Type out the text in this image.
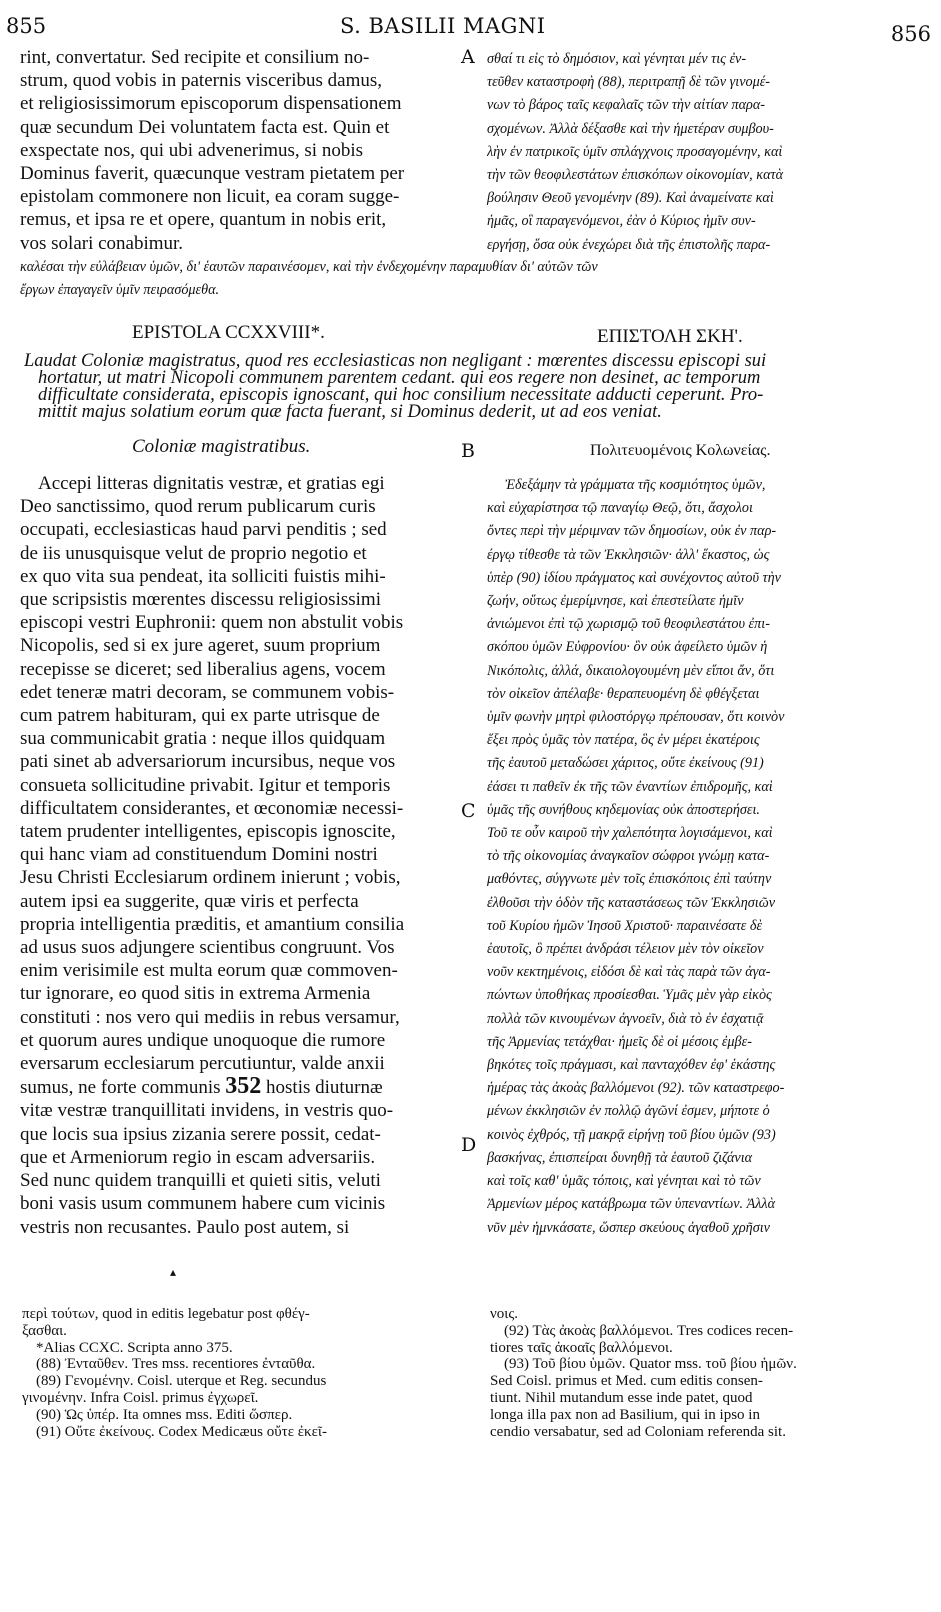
855	S. BASILII MAGNI	856
rint, convertatur. Sed recipite et consilium no-
strum, quod vobis in paternis visceribus damus,
et religiosissimorum episcoporum dispensationem
quæ secundum Dei voluntatem facta est. Quin et
exspectate nos, qui ubi advenerimus, si nobis
Dominus faverit, quæcunque vestram pietatem per
epistolam commonere non licuit, ea coram sugge-
remus, et ipsa re et opere, quantum in nobis erit,
vos solari conabimur.
A σθαί τι εἰς τὸ δημόσιον, καὶ γένηται μέν τις ἐν-
τεῦθεν καταστροφὴ (88), περιτραπῇ δὲ τῶν γινομέ-
νων τὸ βάρος ταῖς κεφαλαῖς τῶν τὴν αἰτίαν παρα-
σχομένων. Ἀλλὰ δέξασθε καὶ τὴν ἡμετέραν συμβου-
λὴν ἐν πατρικοῖς ὑμῖν σπλάγχνοις προσαγομένην, καὶ
τὴν τῶν θεοφιλεστάτων ἐπισκόπων οἰκονομίαν, κατὰ
βούλησιν Θεοῦ γενομένην (89). Καὶ ἀναμείνατε καὶ
ἡμᾶς, οἳ παραγενόμενοι, ἐὰν ὁ Κύριος ἡμῖν συν-
εργήσῃ, ὅσα οὐκ ἐνεχώρει διὰ τῆς ἐπιστολῆς παρα-
καλέσαι τὴν εὐλάβειαν ὑμῶν, δι' ἑαυτῶν παραινέσομεν, καὶ τὴν ἐνδεχομένην παραμυθίαν δι' αὐτῶν τῶν
ἔργων ἐπαγαγεῖν ὑμῖν πειρασόμεθα.
EPISTOLA CCXXVIII*.	ΕΠΙΣΤΟΛΗ ΣΚΗ'.
Laudat Coloniæ magistratus, quod res ecclesiasticas non negligant : mœrentes discessu episcopi sui
hortatur, ut matri Nicopoli communem parentem cedant. qui eos regere non desinet, ac temporum
difficultate considerata, episcopis ignoscant, qui hoc consilium necessitate adducti ceperunt. Pro-
mittit majus solatium eorum quæ facta fuerant, si Dominus dederit, ut ad eos veniat.
Coloniæ magistratibus.	B	Πολιτευομένοις Κολωνείας.
Accepi litteras dignitatis vestræ, et gratias egi
Deo sanctissimo, quod rerum publicarum curis
occupati, ecclesiasticas haud parvi penditis ; sed
de iis unusquisque velut de proprio negotio et
ex quo vita sua pendeat, ita solliciti fuistis mihi-
que scripsistis mœrentes discessu religiosissimi
episcopi vestri Euphronii: quem non abstulit vobis
Nicopolis, sed si ex jure ageret, suum proprium
recepisse se diceret; sed liberalius agens, vocem
edet teneræ matri decoram, se communem vobis-
cum patrem habituram, qui ex parte utrisque de
sua communicabit gratia : neque illos quidquam
pati sinet ab adversariorum incursibus, neque vos
consueta sollicitudine privabit. Igitur et temporis
difficultatem considerantes, et œconomiæ necessi-
tatem prudenter intelligentes, episcopis ignoscite,
qui hanc viam ad constituendum Domini nostri
Jesu Christi Ecclesiarum ordinem inierunt ; vobis,
autem ipsi ea suggerite, quæ viris et perfecta
propria intelligentia præditis, et amantium consilia
ad usus suos adjungere scientibus congruunt. Vos
enim verisimile est multa eorum quæ commoven-
tur ignorare, eo quod sitis in extrema Armenia
constituti : nos vero qui mediis in rebus versamur,
et quorum aures undique unoquoque die rumore
eversarum ecclesiarum percutiuntur, valde anxii
sumus, ne forte communis 352 hostis diuturnæ
vitæ vestræ tranquillitati invidens, in vestris quo-
que locis sua ipsius zizania serere possit, cedat-
que et Armeniorum regio in escam adversariis.
Sed nunc quidem tranquilli et quieti sitis, veluti
boni vasis usum communem habere cum vicinis
vestris non recusantes. Paulo post autem, si
C
D
Ἐδεξάμην τὰ γράμματα τῆς κοσμιότητος ὑμῶν,
καὶ εὐχαρίστησα τῷ παναγίῳ Θεῷ, ὅτι, ἄσχολοι
ὄντες περὶ τὴν μέριμναν τῶν δημοσίων, οὐκ ἐν παρ-
έργῳ τίθεσθε τὰ τῶν Ἐκκλησιῶν· ἀλλ' ἕκαστος, ὡς
ὑπὲρ (90) ἰδίου πράγματος καὶ συνέχοντος αὐτοῦ τὴν
ζωήν, οὕτως ἐμερίμνησε, καὶ ἐπεστείλατε ἡμῖν
ἀνιώμενοι ἐπὶ τῷ χωρισμῷ τοῦ θεοφιλεστάτου ἐπι-
σκόπου ὑμῶν Εὐφρονίου· ὃν οὐκ ἀφείλετο ὑμῶν ἡ
Νικόπολις, ἀλλά, δικαιολογουμένη μὲν εἴποι ἄν, ὅτι
τὸν οἰκεῖον ἀπέλαβε· θεραπευομένη δὲ φθέγξεται
ὑμῖν φωνὴν μητρὶ φιλοστόργῳ πρέπουσαν, ὅτι κοινὸν
ἕξει πρὸς ὑμᾶς τὸν πατέρα, ὃς ἐν μέρει ἑκατέροις
τῆς ἑαυτοῦ μεταδώσει χάριτος, οὔτε ἐκείνους (91)
ἐάσει τι παθεῖν ἐκ τῆς τῶν ἐναντίων ἐπιδρομῆς, καὶ
ὑμᾶς τῆς συνήθους κηδεμονίας οὐκ ἀποστερήσει.
Τοῦ τε οὖν καιροῦ τὴν χαλεπότητα λογισάμενοι, καὶ
τὸ τῆς οἰκονομίας ἀναγκαῖον σώφροι γνώμῃ κατα-
μαθόντες, σύγγνωτε μὲν τοῖς ἐπισκόποις ἐπὶ ταύτην
ἐλθοῦσι τὴν ὁδὸν τῆς καταστάσεως τῶν Ἐκκλησιῶν
τοῦ Κυρίου ἡμῶν Ἰησοῦ Χριστοῦ· παραινέσατε δὲ
ἑαυτοῖς, ὃ πρέπει ἀνδράσι τέλειον μὲν τὸν οἰκεῖον
νοῦν κεκτημένοις, εἰδόσι δὲ καὶ τὰς παρὰ τῶν ἀγα-
πώντων ὑποθήκας προσίεσθαι. Ὑμᾶς μὲν γὰρ εἰκὸς
πολλὰ τῶν κινουμένων ἀγνοεῖν, διὰ τὸ ἐν ἐσχατιᾷ
τῆς Ἀρμενίας τετάχθαι· ἡμεῖς δὲ οἱ μέσοις ἐμβε-
βηκότες τοῖς πράγμασι, καὶ πανταχόθεν ἐφ' ἑκάστης
ἡμέρας τὰς ἀκοὰς βαλλόμενοι (92). τῶν καταστρεφο-
μένων ἐκκλησιῶν ἐν πολλῷ ἀγῶνί ἐσμεν, μήποτε ὁ
κοινὸς ἐχθρός, τῇ μακρᾷ εἰρήνῃ τοῦ βίου ὑμῶν (93)
βασκήνας, ἐπισπείραι δυνηθῇ τὰ ἑαυτοῦ ζιζάνια
καὶ τοῖς καθ' ὑμᾶς τόποις, καὶ γένηται καὶ τὸ τῶν
Ἀρμενίων μέρος κατάβρωμα τῶν ὑπεναντίων. Ἀλλὰ
νῦν μὲν ἡμνκάσατε, ὥσπερ σκεύους ἀγαθοῦ χρῆσιν
▴
περὶ τούτων, quod in editis legebatur post φθέγ-
ξασθαι.
*Alias CCXC. Scripta anno 375.
(88) Ἐνταῦθεν. Tres mss. recentiores ἐνταῦθα.
(89) Γενομένην. Coisl. uterque et Reg. secundus
γινομένην. Infra Coisl. primus ἐγχωρεῖ.
(90) Ὡς ὑπέρ. Ita omnes mss. Editi ὥσπερ.
(91) Οὔτε ἐκείνους. Codex Medicæus οὔτε ἐκεῖ-
νοις.
(92) Τὰς ἀκοὰς βαλλόμενοι. Tres codices recen-
tiores ταῖς ἀκοαῖς βαλλόμενοι.
(93) Τοῦ βίου ὑμῶν. Quator mss. τοῦ βίου ἡμῶν.
Sed Coisl. primus et Med. cum editis consen-
tiunt. Nihil mutandum esse inde patet, quod
longa illa pax non ad Basilium, qui in ipso in
cendio versabatur, sed ad Coloniam referenda sit.
